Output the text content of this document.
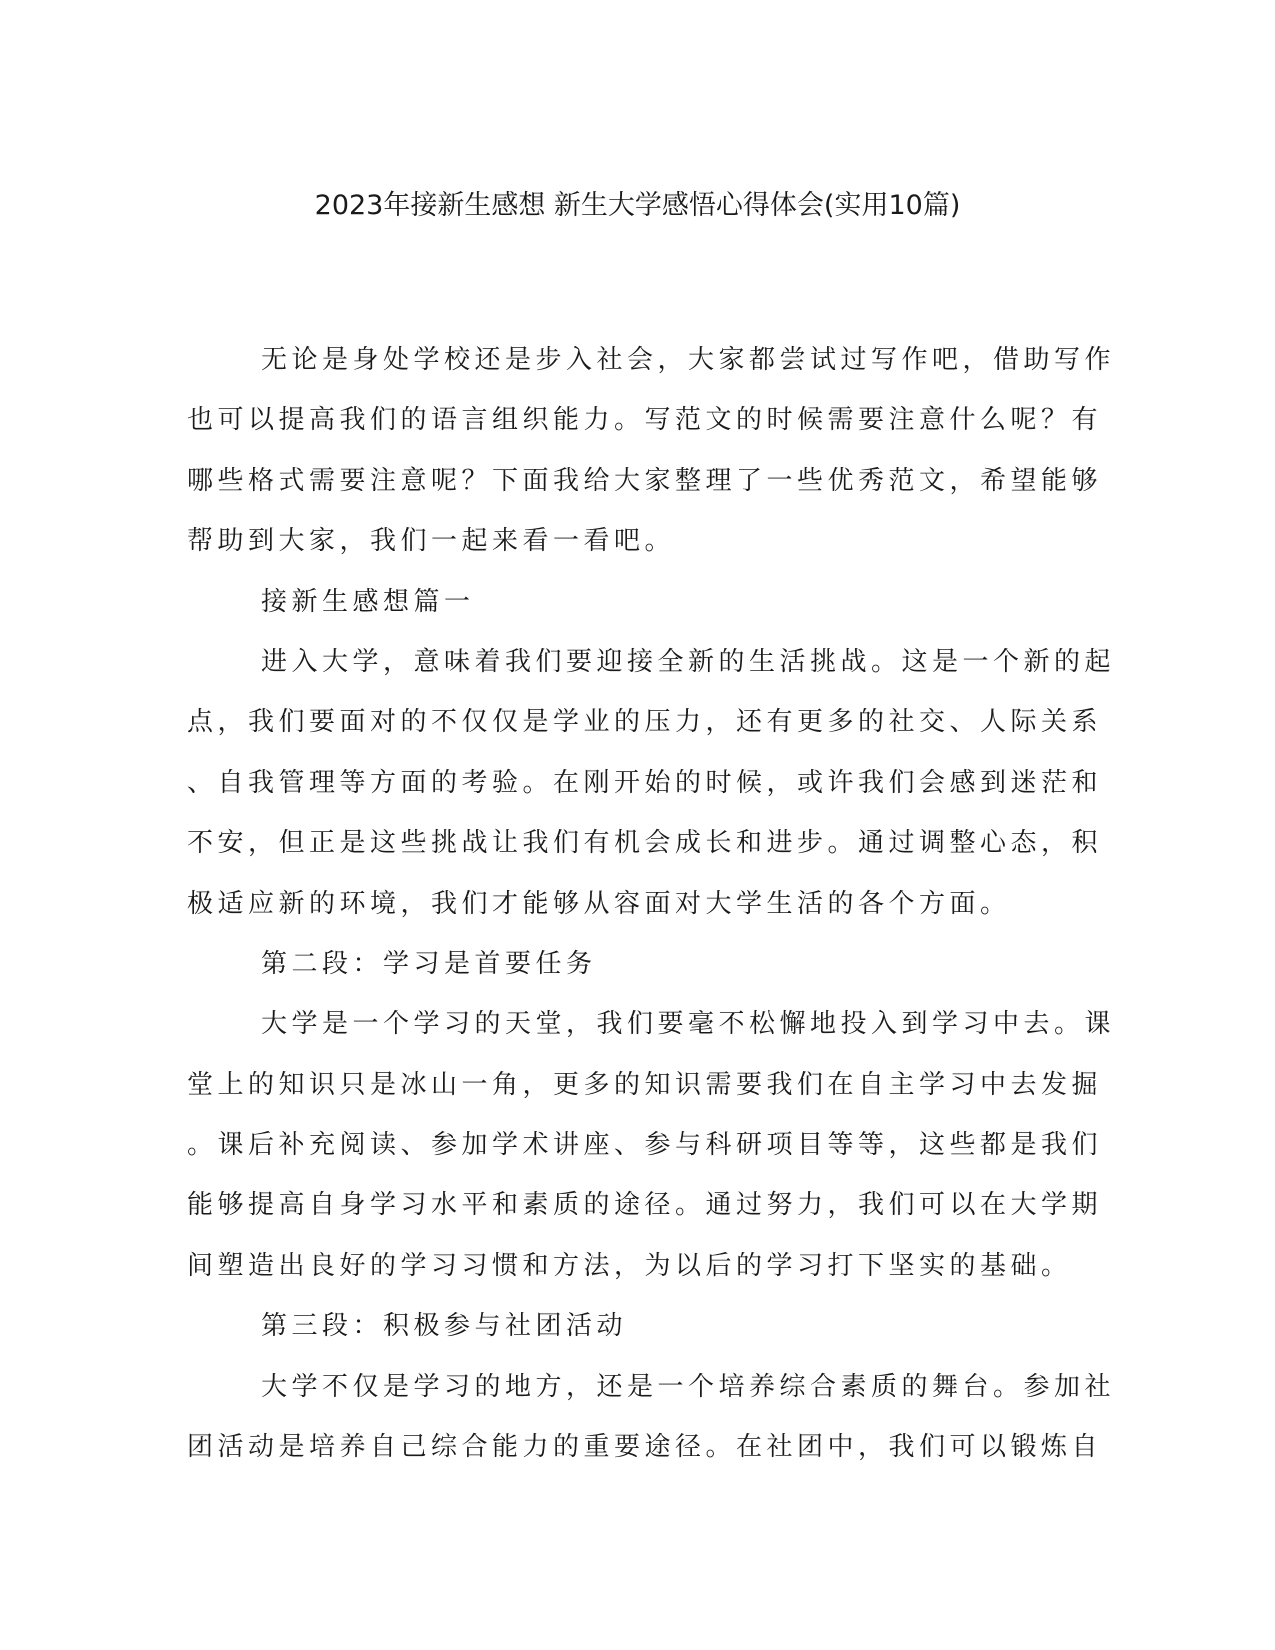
2023年接新生感想 新生大学感悟心得体会(实用10篇)
无论是身处学校还是步入社会，大家都尝试过写作吧，借助写作
也可以提高我们的语言组织能力。写范文的时候需要注意什么呢？有
哪些格式需要注意呢？下面我给大家整理了一些优秀范文，希望能够
帮助到大家，我们一起来看一看吧。
接新生感想篇一
进入大学，意味着我们要迎接全新的生活挑战。这是一个新的起
点，我们要面对的不仅仅是学业的压力，还有更多的社交、人际关系
、自我管理等方面的考验。在刚开始的时候，或许我们会感到迷茫和
不安，但正是这些挑战让我们有机会成长和进步。通过调整心态，积
极适应新的环境，我们才能够从容面对大学生活的各个方面。
第二段：学习是首要任务
大学是一个学习的天堂，我们要毫不松懈地投入到学习中去。课
堂上的知识只是冰山一角，更多的知识需要我们在自主学习中去发掘
。课后补充阅读、参加学术讲座、参与科研项目等等，这些都是我们
能够提高自身学习水平和素质的途径。通过努力，我们可以在大学期
间塑造出良好的学习习惯和方法，为以后的学习打下坚实的基础。
第三段：积极参与社团活动
大学不仅是学习的地方，还是一个培养综合素质的舞台。参加社
团活动是培养自己综合能力的重要途径。在社团中，我们可以锻炼自
